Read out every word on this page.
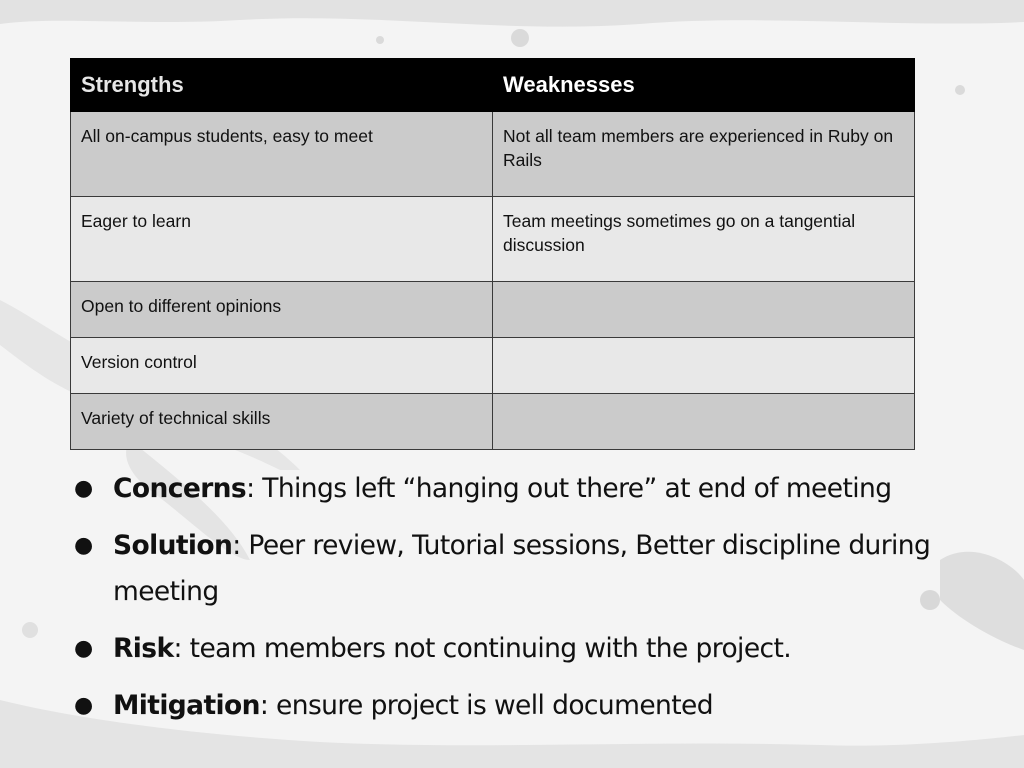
Strengths	Weaknesses
All on-campus students, easy to meet	Not all team members are experienced in Ruby on Rails
Eager to learn	Team meetings sometimes go on a tangential discussion
Open to different opinions	
Version control	
Variety of technical skills	
● Concerns: Things left “hanging out there” at end of meeting
● Solution: Peer review, Tutorial sessions, Better discipline during meeting
● Risk: team members not continuing with the project.
● Mitigation: ensure project is well documented
